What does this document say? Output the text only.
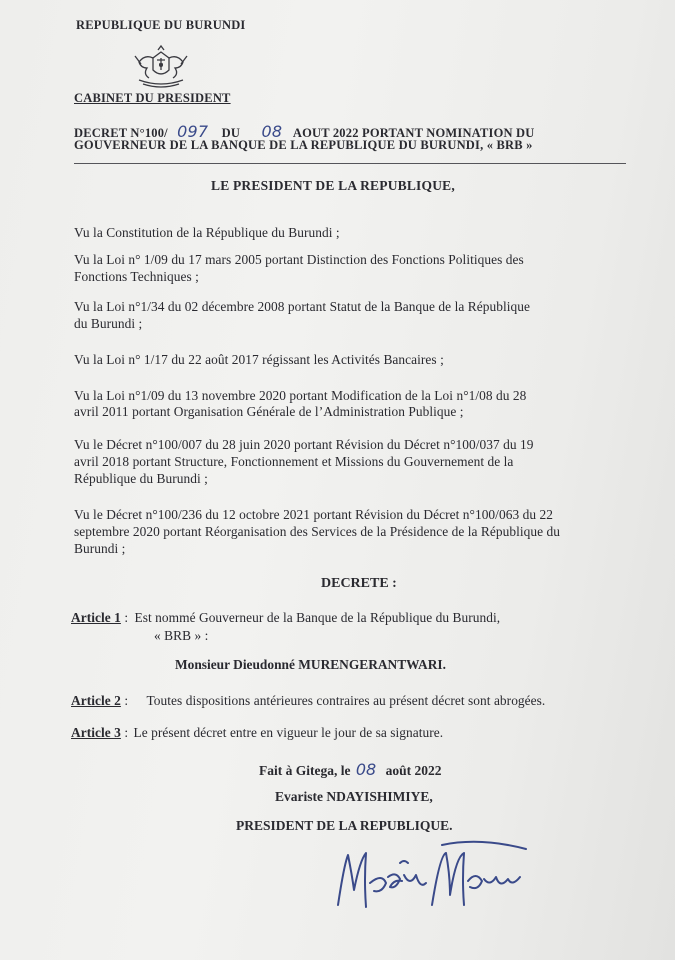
REPUBLIQUE DU BURUNDI
CABINET DU PRESIDENT
DECRET N°100/ 097 DU 08 AOUT 2022 PORTANT NOMINATION DU
GOUVERNEUR DE LA BANQUE DE LA REPUBLIQUE DU BURUNDI, « BRB »
LE PRESIDENT DE LA REPUBLIQUE,
Vu la Constitution de la République du Burundi ;
Vu la Loi n° 1/09 du 17 mars 2005 portant Distinction des Fonctions Politiques des
Fonctions Techniques ;
Vu la Loi n°1/34 du 02 décembre 2008 portant Statut de la Banque de la République
du Burundi ;
Vu la Loi n° 1/17 du 22 août 2017 régissant les Activités Bancaires ;
Vu la Loi n°1/09 du 13 novembre 2020 portant Modification de la Loi n°1/08 du 28
avril 2011 portant Organisation Générale de l’Administration Publique ;
Vu le Décret n°100/007 du 28 juin 2020 portant Révision du Décret n°100/037 du 19
avril 2018 portant Structure, Fonctionnement et Missions du Gouvernement de la
République du Burundi ;
Vu le Décret n°100/236 du 12 octobre 2021 portant Révision du Décret n°100/063 du 22
septembre 2020 portant Réorganisation des Services de la Présidence de la République du
Burundi ;
DECRETE :
Article 1 : Est nommé Gouverneur de la Banque de la République du Burundi,
« BRB » :
Monsieur Dieudonné MURENGERANTWARI.
Article 2 : Toutes dispositions antérieures contraires au présent décret sont abrogées.
Article 3 : Le présent décret entre en vigueur le jour de sa signature.
Fait à Gitega, le 08 août 2022
Evariste NDAYISHIMIYE,
PRESIDENT DE LA REPUBLIQUE.
